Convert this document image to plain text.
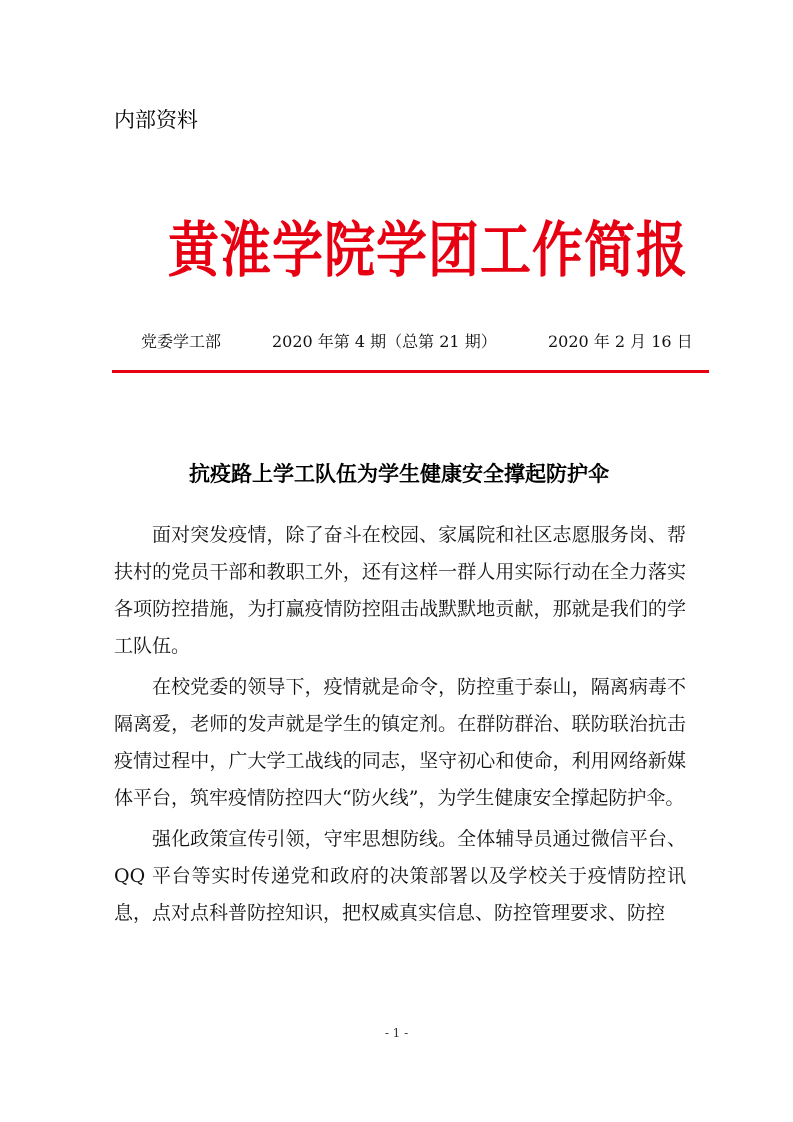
内部资料
黄淮学院学团工作简报
党委学工部	2020 年第 4 期（总第 21 期）	2020 年 2 月 16 日
抗疫路上学工队伍为学生健康安全撑起防护伞

面对突发疫情，除了奋斗在校园、家属院和社区志愿服务岗、帮扶村的党员干部和教职工外，还有这样一群人用实际行动在全力落实各项防控措施，为打赢疫情防控阻击战默默地贡献，那就是我们的学工队伍。

在校党委的领导下，疫情就是命令，防控重于泰山，隔离病毒不隔离爱，老师的发声就是学生的镇定剂。在群防群治、联防联治抗击疫情过程中，广大学工战线的同志，坚守初心和使命，利用网络新媒体平台，筑牢疫情防控四大“防火线”，为学生健康安全撑起防护伞。

强化政策宣传引领，守牢思想防线。全体辅导员通过微信平台、QQ 平台等实时传递党和政府的决策部署以及学校关于疫情防控讯息，点对点科普防控知识，把权威真实信息、防控管理要求、防控

- 1 -
